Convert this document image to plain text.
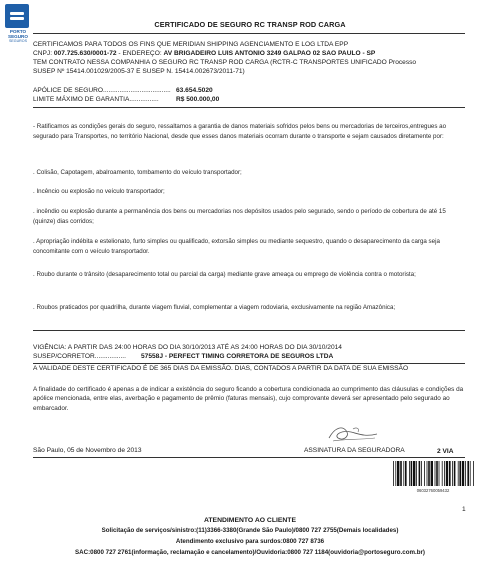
PORTO
SEGURO
SEGUROS
CERTIFICADO DE SEGURO RC TRANSP ROD CARGA
CERTIFICAMOS PARA TODOS OS FINS QUE MERIDIAN SHIPPING AGENCIAMENTO E LOG LTDA EPP
CNPJ: 007.725.630/0001-72 - ENDEREÇO: AV BRIGADEIRO LUIS ANTONIO 3249 GALPAO 02 SAO PAULO - SP
TEM CONTRATO NESSA COMPANHIA O SEGURO RC TRANSP ROD CARGA (RCTR-C TRANSPORTES UNIFICADO Processo
SUSEP Nº 15414.001029/2005-37 E SUSEP N. 15414.002673/2011-71)
APÓLICE DE SEGURO..................................... 63.654.5020
LIMITE MÁXIMO DE GARANTIA................	R$ 500.000,00
- Ratificamos as condições gerais do seguro, ressaltamos a garantia de danos materiais sofridos pelos bens ou mercadorias de terceiros,entregues ao segurado para Transportes, no território Nacional, desde que esses danos materiais ocorram durante o transporte e sejam causados diretamente por:
. Colisão, Capotagem, abalroamento, tombamento do veículo transportador;
. Incêncio ou explosão no veículo transportador;
. incêndio ou explosão durante a permanência dos bens ou mercadorias nos depósitos usados pelo segurado, sendo o período de cobertura de até 15 (quinze) dias corridos;
. Apropriação indébita e estelionato, furto simples ou qualificado, extorsão simples ou mediante sequestro, quando o desaparecimento da carga seja concomitante com o veículo transportador.
. Roubo durante o trânsito (desaparecimento total ou parcial da carga) mediante grave ameaça ou emprego de violência contra o motorista;
. Roubos praticados por quadrilha, durante viagem fluvial, complementar a viagem rodoviaria, exclusivamente na região Amazônica;
VIGÊNCIA: A PARTIR DAS 24:00 HORAS DO DIA 30/10/2013 ATÉ AS 24:00 HORAS DO DIA 30/10/2014
SUSEP/CORRETOR................. 57558J - PERFECT TIMING CORRETORA DE SEGUROS LTDA
A VALIDADE DESTE CERTIFICADO É DE 365 DIAS DA EMISSÃO. DIAS, CONTADOS A PARTIR DA DATA DE SUA EMISSÃO
A finalidade do certificado é apenas a de indicar a existência do seguro ficando a cobertura condicionada ao cumprimento das cláusulas e condições da apólice mencionada, entre elas, averbação e pagamento de prêmio (faturas mensais), cujo comprovante deverá ser apresentado pelo segurado ao embarcador.
São Paulo, 05 de Novembro de 2013	ASSINATURA DA SEGURADORA	2 VIA
06032760059432
1
ATENDIMENTO AO CLIENTE
Solicitação de serviços/sinistro:(11)3366-3380(Grande São Paulo)/0800 727 2755(Demais localidades)
Atendimento exclusivo para surdos:0800 727 8736
SAC:0800 727 2761(informação, reclamação e cancelamento)/Ouvidoria:0800 727 1184(ouvidoria@portoseguro.com.br)
